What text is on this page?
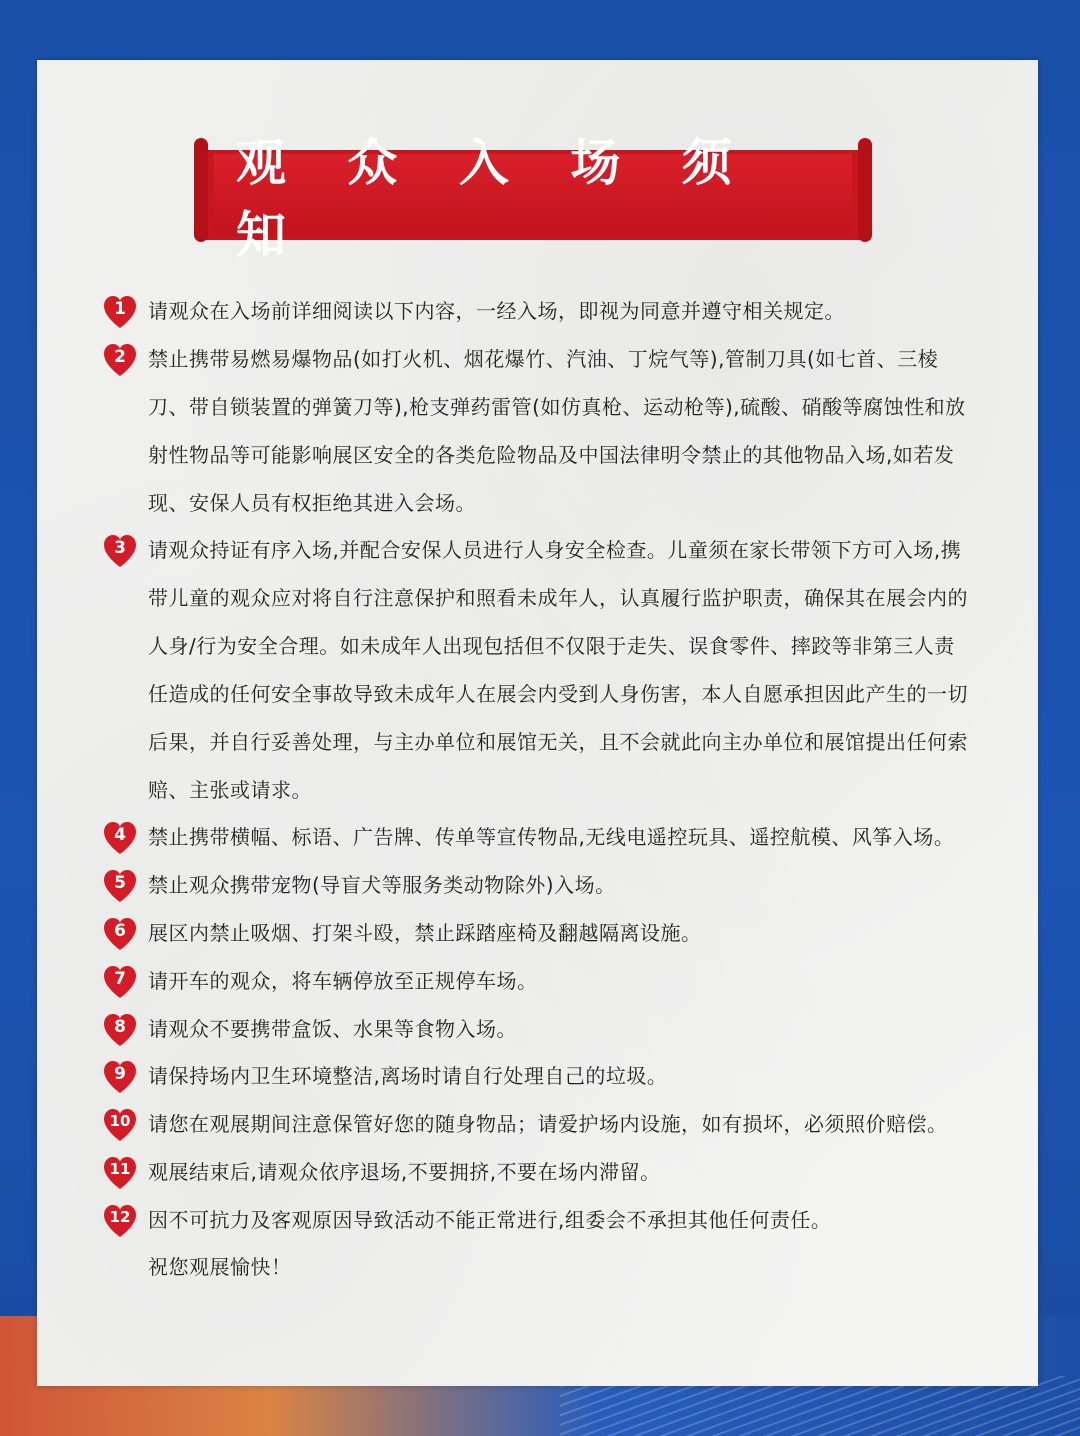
观 众 入 场 须 知
1	请观众在入场前详细阅读以下内容，一经入场，即视为同意并遵守相关规定。
2	禁止携带易燃易爆物品(如打火机、烟花爆竹、汽油、丁烷气等),管制刀具(如七首、三棱刀、带自锁装置的弹簧刀等),枪支弹药雷管(如仿真枪、运动枪等),硫酸、硝酸等腐蚀性和放射性物品等可能影响展区安全的各类危险物品及中国法律明令禁止的其他物品入场,如若发现、安保人员有权拒绝其进入会场。
3	请观众持证有序入场,并配合安保人员进行人身安全检查。儿童须在家长带领下方可入场,携带儿童的观众应对将自行注意保护和照看未成年人，认真履行监护职责，确保其在展会内的人身/行为安全合理。如未成年人出现包括但不仅限于走失、误食零件、摔跤等非第三人责任造成的任何安全事故导致未成年人在展会内受到人身伤害，本人自愿承担因此产生的一切后果，并自行妥善处理，与主办单位和展馆无关，且不会就此向主办单位和展馆提出任何索赔、主张或请求。
4	禁止携带横幅、标语、广告牌、传单等宣传物品,无线电遥控玩具、遥控航模、风筝入场。
5	禁止观众携带宠物(导盲犬等服务类动物除外)入场。
6	展区内禁止吸烟、打架斗殴，禁止踩踏座椅及翻越隔离设施。
7	请开车的观众，将车辆停放至正规停车场。
8	请观众不要携带盒饭、水果等食物入场。
9	请保持场内卫生环境整洁,离场时请自行处理自己的垃圾。
10 请您在观展期间注意保管好您的随身物品；请爱护场内设施，如有损坏，必须照价赔偿。
11 观展结束后,请观众依序退场,不要拥挤,不要在场内滞留。
12 因不可抗力及客观原因导致活动不能正常进行,组委会不承担其他任何责任。
祝您观展愉快！
